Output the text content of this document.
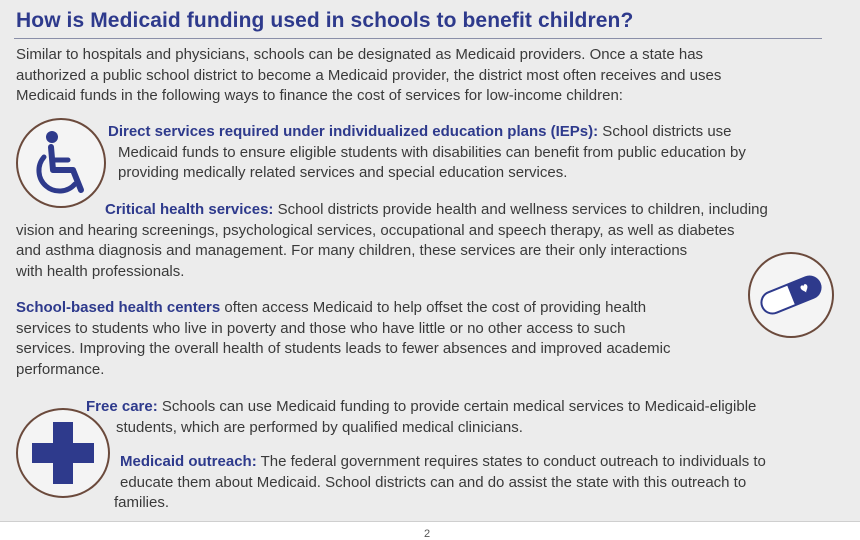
How is Medicaid funding used in schools to benefit children?
Similar to hospitals and physicians, schools can be designated as Medicaid providers. Once a state has
authorized a public school district to become a Medicaid provider, the district most often receives and uses
Medicaid funds in the following ways to finance the cost of services for low-income children:
Direct services required under individualized education plans (IEPs): School districts use
Medicaid funds to ensure eligible students with disabilities can benefit from public education by
providing medically related services and special education services.
Critical health services: School districts provide health and wellness services to children, including
vision and hearing screenings, psychological services, occupational and speech therapy, as well as diabetes
and asthma diagnosis and management. For many children, these services are their only interactions
with health professionals.
School-based health centers often access Medicaid to help offset the cost of providing health
services to students who live in poverty and those who have little or no other access to such
services. Improving the overall health of students leads to fewer absences and improved academic
performance.
Free care: Schools can use Medicaid funding to provide certain medical services to Medicaid-eligible
students, which are performed by qualified medical clinicians.
Medicaid outreach: The federal government requires states to conduct outreach to individuals to
educate them about Medicaid. School districts can and do assist the state with this outreach to
families.
2
